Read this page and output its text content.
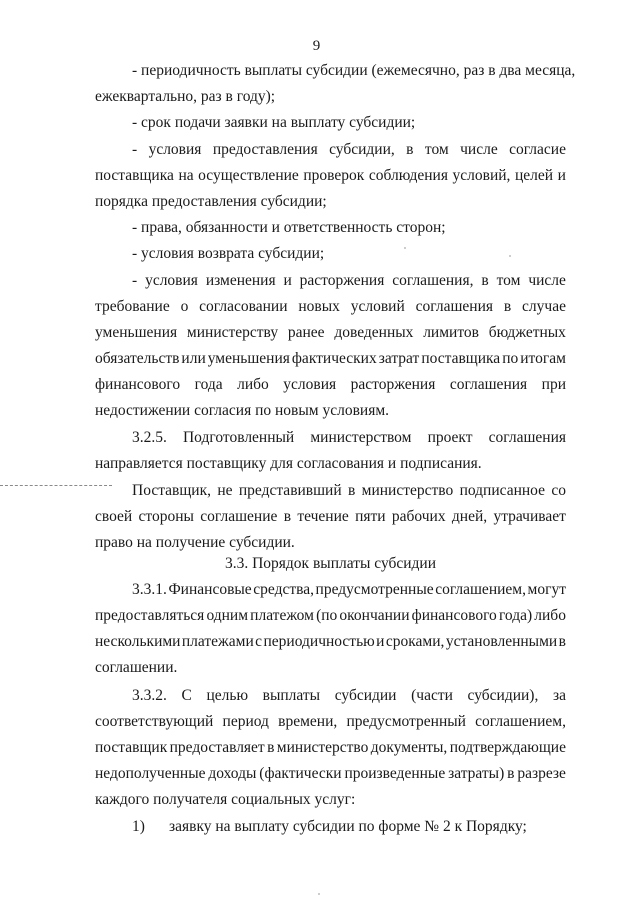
9
- периодичность выплаты субсидии (ежемесячно, раз в два месяца,
ежеквартально, раз в году);
- срок подачи заявки на выплату субсидии;
- условия предоставления субсидии, в том числе согласие
поставщика на осуществление проверок соблюдения условий, целей и
порядка предоставления субсидии;
- права, обязанности и ответственность сторон;
- условия возврата субсидии;
- условия изменения и расторжения соглашения, в том числе
требование о согласовании новых условий соглашения в случае
уменьшения министерству ранее доведенных лимитов бюджетных
обязательств или уменьшения фактических затрат поставщика по итогам
финансового года либо условия расторжения соглашения при
недостижении согласия по новым условиям.
3.2.5. Подготовленный министерством проект соглашения
направляется поставщику для согласования и подписания.
Поставщик, не представивший в министерство подписанное со
своей стороны соглашение в течение пяти рабочих дней, утрачивает
право на получение субсидии.
3.3. Порядок выплаты субсидии
3.3.1. Финансовые средства, предусмотренные соглашением, могут
предоставляться одним платежом (по окончании финансового года) либо
несколькими платежами с периодичностью и сроками, установленными в
соглашении.
3.3.2. С целью выплаты субсидии (части субсидии), за
соответствующий период времени, предусмотренный соглашением,
поставщик предоставляет в министерство документы, подтверждающие
недополученные доходы (фактически произведенные затраты) в разрезе
каждого получателя социальных услуг:
1)	заявку на выплату субсидии по форме № 2 к Порядку;
